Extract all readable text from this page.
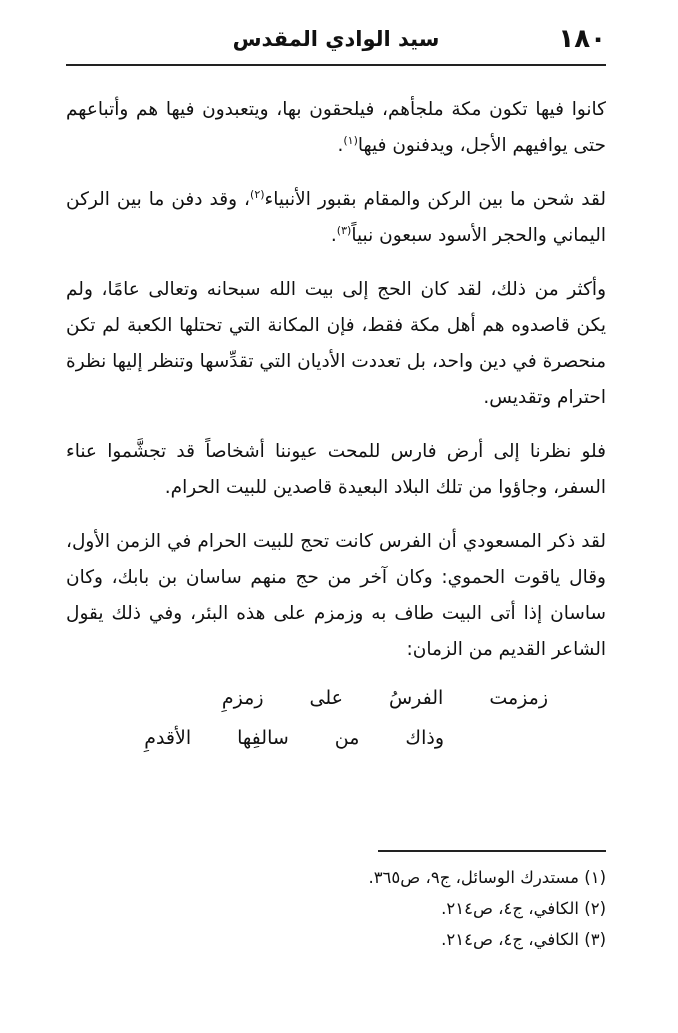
١٨٠
سيد الوادي المقدس

كانوا فيها تكون مكة ملجأهم، فيلحقون بها، ويتعبدون فيها هم وأتباعهم حتى يوافيهم الأجل، ويدفنون فيها$^{(١)}$.

لقد شحن ما بين الركن والمقام بقبور الأنبياء$^{(٢)}$، وقد دفن ما بين الركن اليماني والحجر الأسود سبعون نبياً$^{(٣)}$.

وأكثر من ذلك، لقد كان الحج إلى بيت الله سبحانه وتعالى عامًا، ولم يكن قاصدوه هم أهل مكة فقط، فإن المكانة التي تحتلها الكعبة لم تكن منحصرة في دين واحد، بل تعددت الأديان التي تقدِّسها وتنظر إليها نظرة احترام وتقديس.

فلو نظرنا إلى أرض فارس للمحت عيوننا أشخاصاً قد تجشَّموا عناء السفر، وجاؤوا من تلك البلاد البعيدة قاصدين للبيت الحرام.

لقد ذكر المسعودي أن الفرس كانت تحج للبيت الحرام في الزمن الأول، وقال ياقوت الحموي: وكان آخر من حج منهم ساسان بن بابك، وكان ساسان إذا أتى البيت طاف به وزمزم على هذه البئر، وفي ذلك يقول الشاعر القديم من الزمان:

زمزمت
الفرسُ
على
زمزمِ
وذاك
من
سالفِها
الأقدمِ
(١) مستدرك الوسائل، ج٩، ص٣٦٥.
(٢) الكافي، ج٤، ص٢١٤.
(٣) الكافي، ج٤، ص٢١٤.
